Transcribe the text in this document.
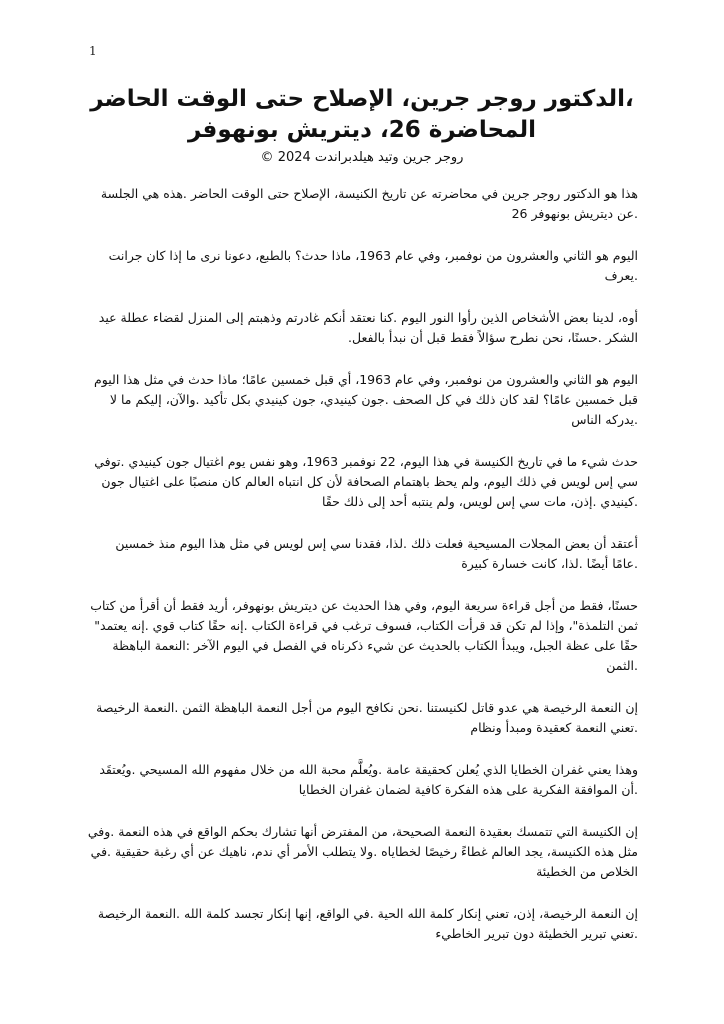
1
،الدكتور روجر جرين، الإصلاح حتى الوقت الحاضر
المحاضرة 26، ديتريش بونهوفر
روجر جرين وتيد هيلدبراندت 2024 ©

هذا هو الدكتور روجر جرين في محاضرته عن تاريخ الكنيسة، الإصلاح حتى الوقت الحاضر .هذه هي الجلسة .عن ديتريش بونهوفر 26

اليوم هو الثاني والعشرون من نوفمبر، وفي عام 1963، ماذا حدث؟ بالطبع، دعونا نرى ما إذا كان جرانت .يعرف

أوه، لدينا بعض الأشخاص الذين رأوا النور اليوم .كنا نعتقد أنكم غادرتم وذهبتم إلى المنزل لقضاء عطلة عيد الشكر .حسنًا، نحن نطرح سؤالاً فقط قبل أن نبدأ بالفعل.

اليوم هو الثاني والعشرون من نوفمبر، وفي عام 1963، أي قبل خمسين عامًا؛ ماذا حدث في مثل هذا اليوم قبل خمسين عامًا؟ لقد كان ذلك في كل الصحف .جون كينيدي، جون كينيدي بكل تأكيد .والآن، إليكم ما لا .يدركه الناس

حدث شيء ما في تاريخ الكنيسة في هذا اليوم، 22 نوفمبر 1963، وهو نفس يوم اغتيال جون كينيدي .توفي سي إس لويس في ذلك اليوم، ولم يحظ باهتمام الصحافة لأن كل انتباه العالم كان منصبًا على اغتيال جون .كينيدي .إذن، مات سي إس لويس، ولم ينتبه أحد إلى ذلك حقًا

أعتقد أن بعض المجلات المسيحية فعلت ذلك .لذا، فقدنا سي إس لويس في مثل هذا اليوم منذ خمسين .عامًا أيضًا .لذا، كانت خسارة كبيرة

حسنًا، فقط من أجل قراءة سريعة اليوم، وفي هذا الحديث عن ديتريش بونهوفر، أريد فقط أن أقرأ من كتاب ثمن التلمذة"، وإذا لم تكن قد قرأت الكتاب، فسوف ترغب في قراءة الكتاب .إنه حقًا كتاب قوي .إنه يعتمد" حقًا على عظة الجبل، ويبدأ الكتاب بالحديث عن شيء ذكرناه في الفصل في اليوم الآخر :النعمة الباهظة .الثمن

إن النعمة الرخيصة هي عدو قاتل لكنيستنا .نحن نكافح اليوم من أجل النعمة الباهظة الثمن .النعمة الرخيصة .تعني النعمة كعقيدة ومبدأ ونظام

وهذا يعني غفران الخطايا الذي يُعلن كحقيقة عامة .ويُعلَّم محبة الله من خلال مفهوم الله المسيحي .ويُعتقَد .أن الموافقة الفكرية على هذه الفكرة كافية لضمان غفران الخطايا

إن الكنيسة التي تتمسك بعقيدة النعمة الصحيحة، من المفترض أنها تشارك بحكم الواقع في هذه النعمة .وفي مثل هذه الكنيسة، يجد العالم غطاءً رخيصًا لخطاياه .ولا يتطلب الأمر أي ندم، ناهيك عن أي رغبة حقيقية .في الخلاص من الخطيئة

إن النعمة الرخيصة، إذن، تعني إنكار كلمة الله الحية .في الواقع، إنها إنكار تجسد كلمة الله .النعمة الرخيصة .تعني تبرير الخطيئة دون تبرير الخاطيء
